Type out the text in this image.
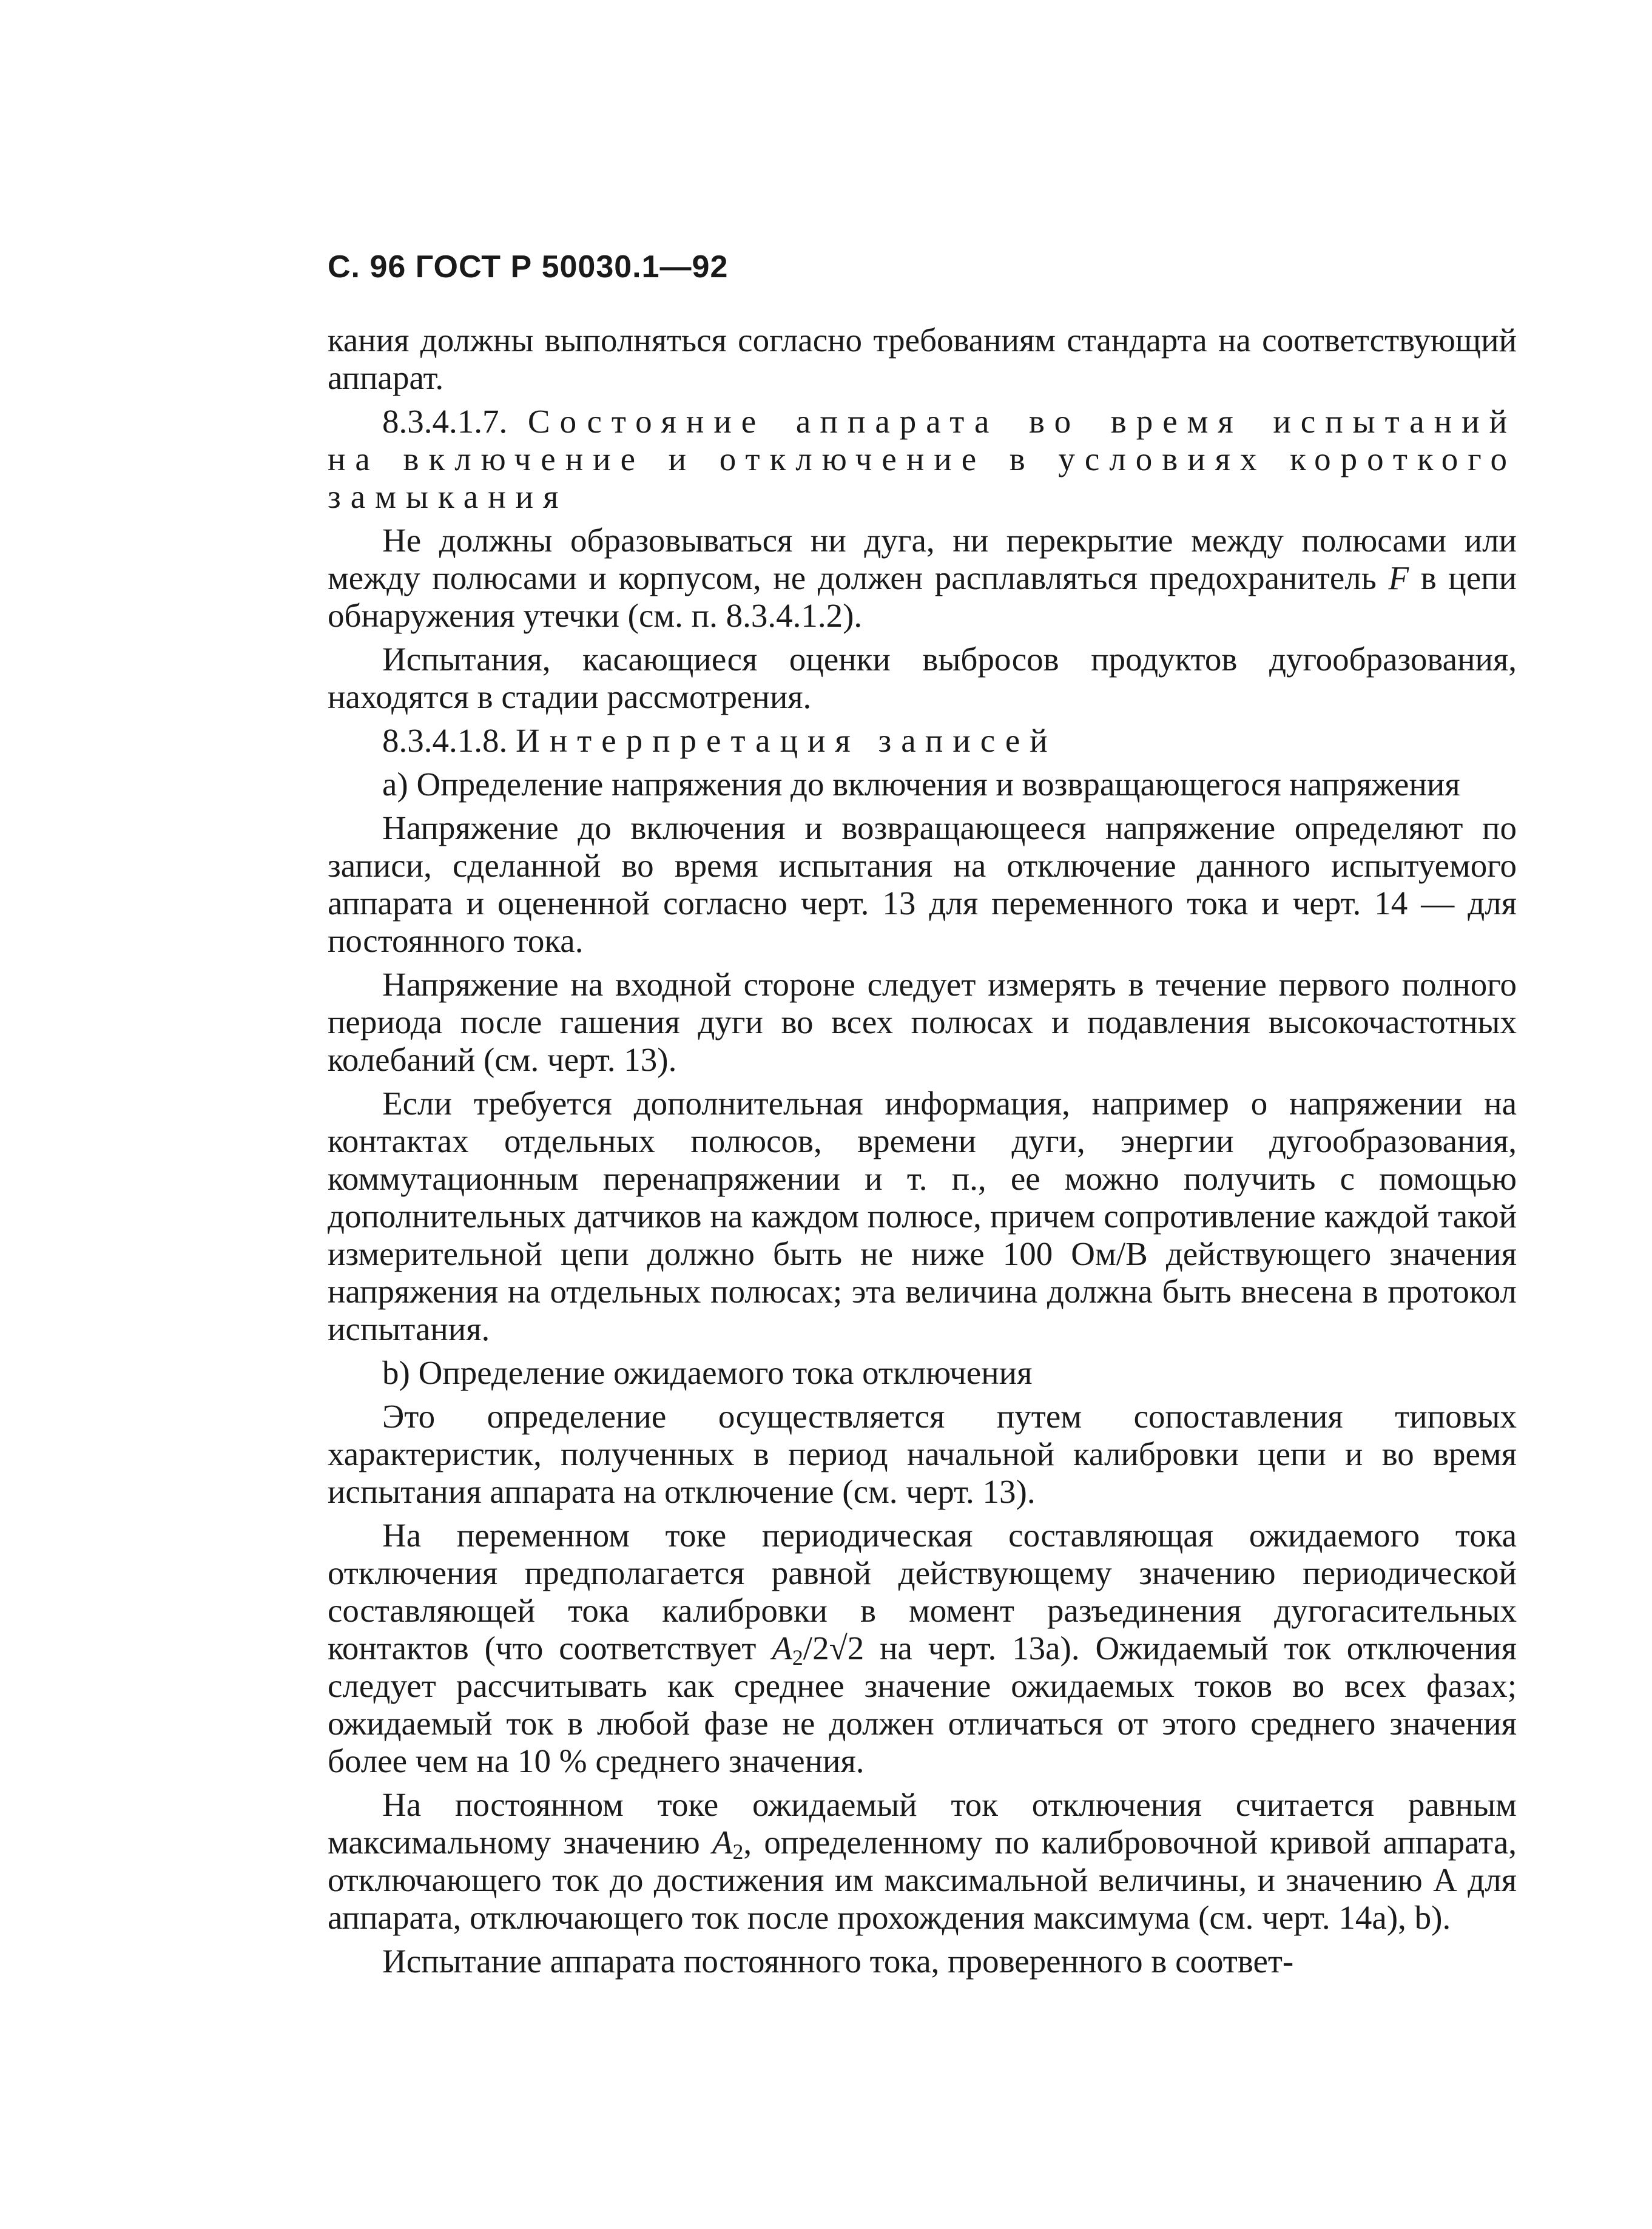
С. 96 ГОСТ Р 50030.1—92

кания должны выполняться согласно требованиям стандарта на соответствующий аппарат.

8.3.4.1.7. Состояние аппарата во время испытаний на включение и отключение в условиях короткого замыкания

Не должны образовываться ни дуга, ни перекрытие между полюсами или между полюсами и корпусом, не должен расплавляться предохранитель F в цепи обнаружения утечки (см. п. 8.3.4.1.2).

Испытания, касающиеся оценки выбросов продуктов дугообразования, находятся в стадии рассмотрения.

8.3.4.1.8. Интерпретация записей

a) Определение напряжения до включения и возвращающегося напряжения

Напряжение до включения и возвращающееся напряжение определяют по записи, сделанной во время испытания на отключение данного испытуемого аппарата и оцененной согласно черт. 13 для переменного тока и черт. 14 — для постоянного тока.

Напряжение на входной стороне следует измерять в течение первого полного периода после гашения дуги во всех полюсах и подавления высокочастотных колебаний (см. черт. 13).

Если требуется дополнительная информация, например о напряжении на контактах отдельных полюсов, времени дуги, энергии дугообразования, коммутационным перенапряжении и т. п., ее можно получить с помощью дополнительных датчиков на каждом полюсе, причем сопротивление каждой такой измерительной цепи должно быть не ниже 100 Ом/В действующего значения напряжения на отдельных полюсах; эта величина должна быть внесена в протокол испытания.

b) Определение ожидаемого тока отключения

Это определение осуществляется путем сопоставления типовых характеристик, полученных в период начальной калибровки цепи и во время испытания аппарата на отключение (см. черт. 13).

На переменном токе периодическая составляющая ожидаемого тока отключения предполагается равной действующему значению периодической составляющей тока калибровки в момент разъединения дугогасительных контактов (что соответствует $A_2/2√2$ на черт. 13а). Ожидаемый ток отключения следует рассчитывать как среднее значение ожидаемых токов во всех фазах; ожидаемый ток в любой фазе не должен отличаться от этого среднего значения более чем на 10 % среднего значения.

На постоянном токе ожидаемый ток отключения считается равным максимальному значению $A_2$, определенному по калибровочной кривой аппарата, отключающего ток до достижения им максимальной величины, и значению А для аппарата, отключающего ток после прохождения максимума (см. черт. 14а), b).

Испытание аппарата постоянного тока, проверенного в соответ-
